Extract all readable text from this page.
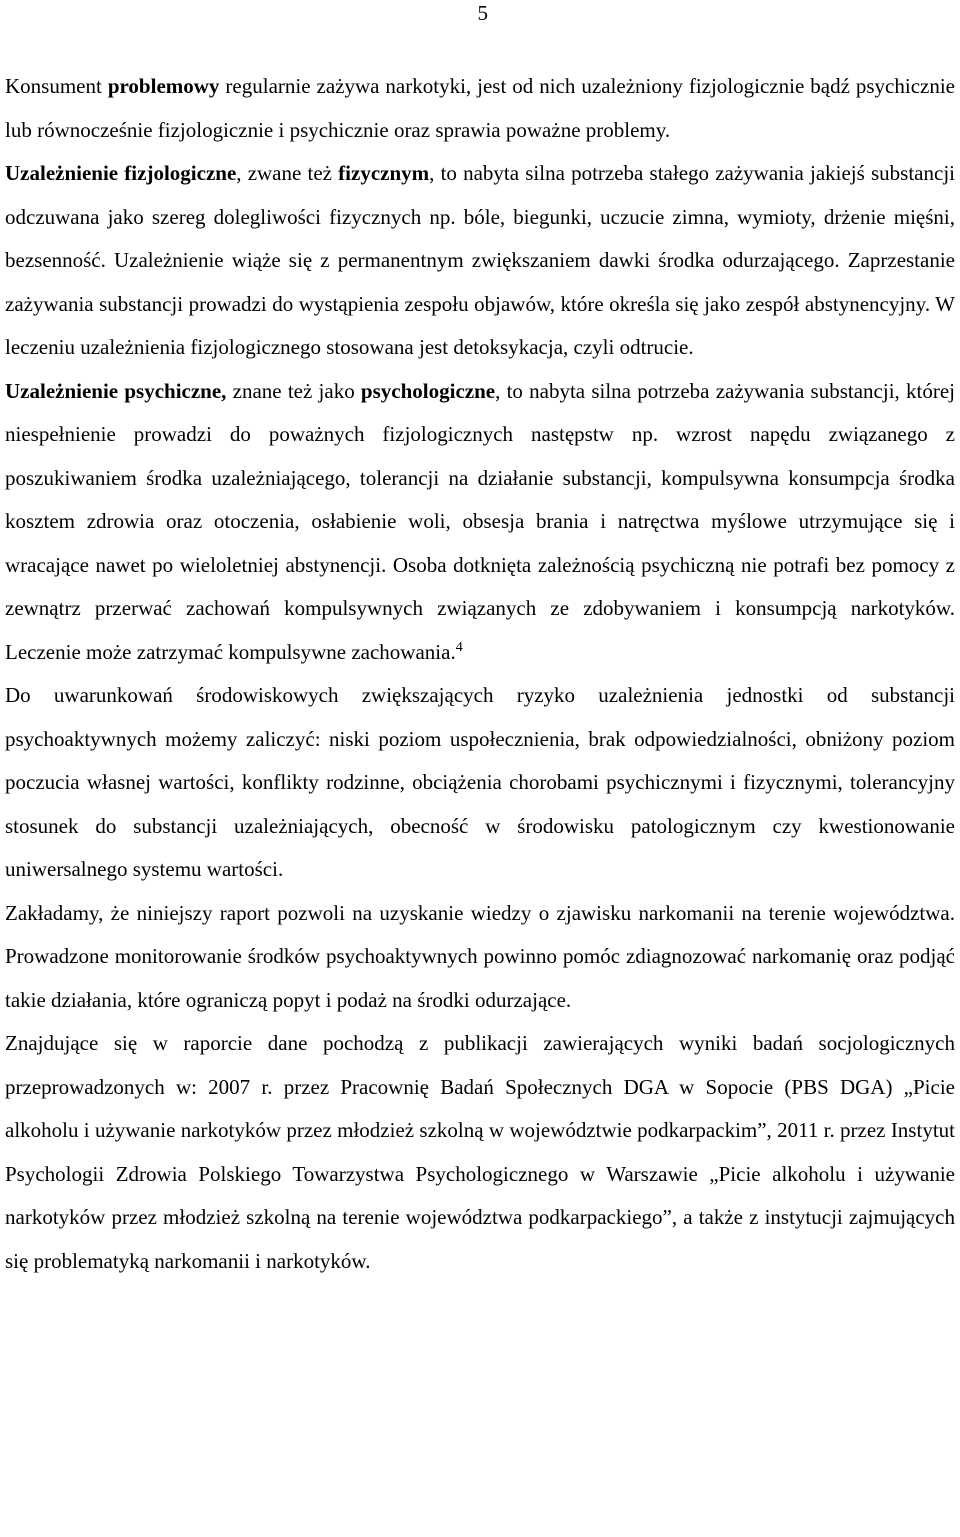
5

Konsument problemowy regularnie zażywa narkotyki, jest od nich uzależniony fizjologicznie bądź psychicznie lub równocześnie fizjologicznie i psychicznie oraz sprawia poważne problemy.

Uzależnienie fizjologiczne, zwane też fizycznym, to nabyta silna potrzeba stałego zażywania jakiejś substancji odczuwana jako szereg dolegliwości fizycznych np. bóle, biegunki, uczucie zimna, wymioty, drżenie mięśni, bezsenność. Uzależnienie wiąże się z permanentnym zwiększaniem dawki środka odurzającego. Zaprzestanie zażywania substancji prowadzi do wystąpienia zespołu objawów, które określa się jako zespół abstynencyjny. W leczeniu uzależnienia fizjologicznego stosowana jest detoksykacja, czyli odtrucie.

Uzależnienie psychiczne, znane też jako psychologiczne, to nabyta silna potrzeba zażywania substancji, której niespełnienie prowadzi do poważnych fizjologicznych następstw np. wzrost napędu związanego z poszukiwaniem środka uzależniającego, tolerancji na działanie substancji, kompulsywna konsumpcja środka kosztem zdrowia oraz otoczenia, osłabienie woli, obsesja brania i natręctwa myślowe utrzymujące się i wracające nawet po wieloletniej abstynencji. Osoba dotknięta zależnością psychiczną nie potrafi bez pomocy z zewnątrz przerwać zachowań kompulsywnych związanych ze zdobywaniem i konsumpcją narkotyków. Leczenie może zatrzymać kompulsywne zachowania.$^4$

Do uwarunkowań środowiskowych zwiększających ryzyko uzależnienia jednostki od substancji psychoaktywnych możemy zaliczyć: niski poziom uspołecznienia, brak odpowiedzialności, obniżony poziom poczucia własnej wartości, konflikty rodzinne, obciążenia chorobami psychicznymi i fizycznymi, tolerancyjny stosunek do substancji uzależniających, obecność w środowisku patologicznym czy kwestionowanie uniwersalnego systemu wartości.

Zakładamy, że niniejszy raport pozwoli na uzyskanie wiedzy o zjawisku narkomanii na terenie województwa. Prowadzone monitorowanie środków psychoaktywnych powinno pomóc zdiagnozować narkomanię oraz podjąć takie działania, które ograniczą popyt i podaż na środki odurzające.

Znajdujące się w raporcie dane pochodzą z publikacji zawierających wyniki badań socjologicznych przeprowadzonych w: 2007 r. przez Pracownię Badań Społecznych DGA w Sopocie (PBS DGA) „Picie alkoholu i używanie narkotyków przez młodzież szkolną w województwie podkarpackim”, 2011 r. przez Instytut Psychologii Zdrowia Polskiego Towarzystwa Psychologicznego w Warszawie „Picie alkoholu i używanie narkotyków przez młodzież szkolną na terenie województwa podkarpackiego”, a także z instytucji zajmujących się problematyką narkomanii i narkotyków.
